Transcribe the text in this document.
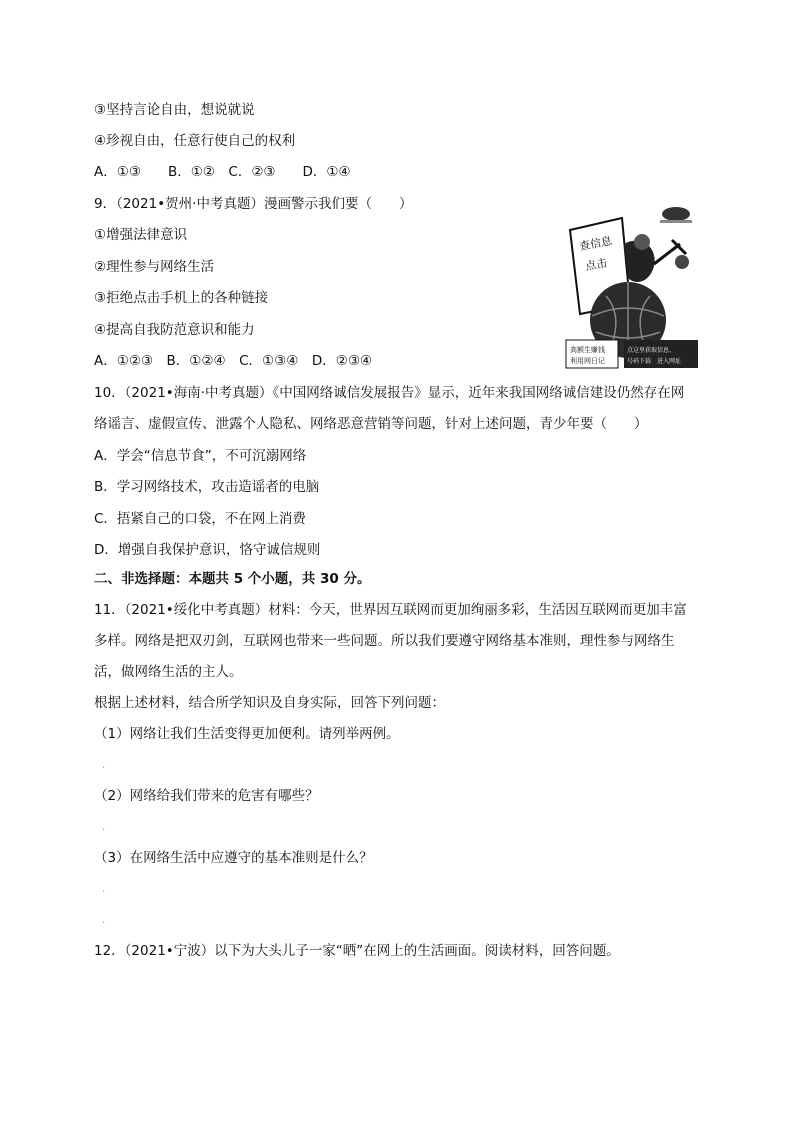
③坚持言论自由，想说就说
④珍视自由，任意行使自己的权利
A．①③　　B．①②　C．②③　　D．①④
9．（2021•贺州·中考真题）漫画警示我们要（　　）
①增强法律意识
②理性参与网络生活
③拒绝点击手机上的各种链接
④提高自我防范意识和能力
A．①②③　B．①②④　C．①③④　D．②③④
10．（2021•海南·中考真题）《中国网络诚信发展报告》显示，近年来我国网络诚信建设仍然存在网
络谣言、虚假宣传、泄露个人隐私、网络恶意营销等问题，针对上述问题，青少年要（　　）
A．学会“信息节食”，不可沉溺网络
B．学习网络技术，攻击造谣者的电脑
C．捂紧自己的口袋，不在网上消费
D．增强自我保护意识，恪守诚信规则
二、非选择题：本题共 5 个小题，共 30 分。
11．（2021•绥化中考真题）材料：今天，世界因互联网而更加绚丽多彩，生活因互联网而更加丰富
多样。网络是把双刃剑，互联网也带来一些问题。所以我们要遵守网络基本准则，理性参与网络生
活，做网络生活的主人。
根据上述材料，结合所学知识及自身实际，回答下列问题：
（1）网络让我们生活变得更加便利。请列举两例。
.
（2）网络给我们带来的危害有哪些？
.
（3）在网络生活中应遵守的基本准则是什么？
.
.
12．（2021•宁波）以下为大头儿子一家“晒”在网上的生活画面。阅读材料，回答问题。
查信息
点击
高额生赚钱
利用网日记
点这里获取信息、
号码下载　进入网址
